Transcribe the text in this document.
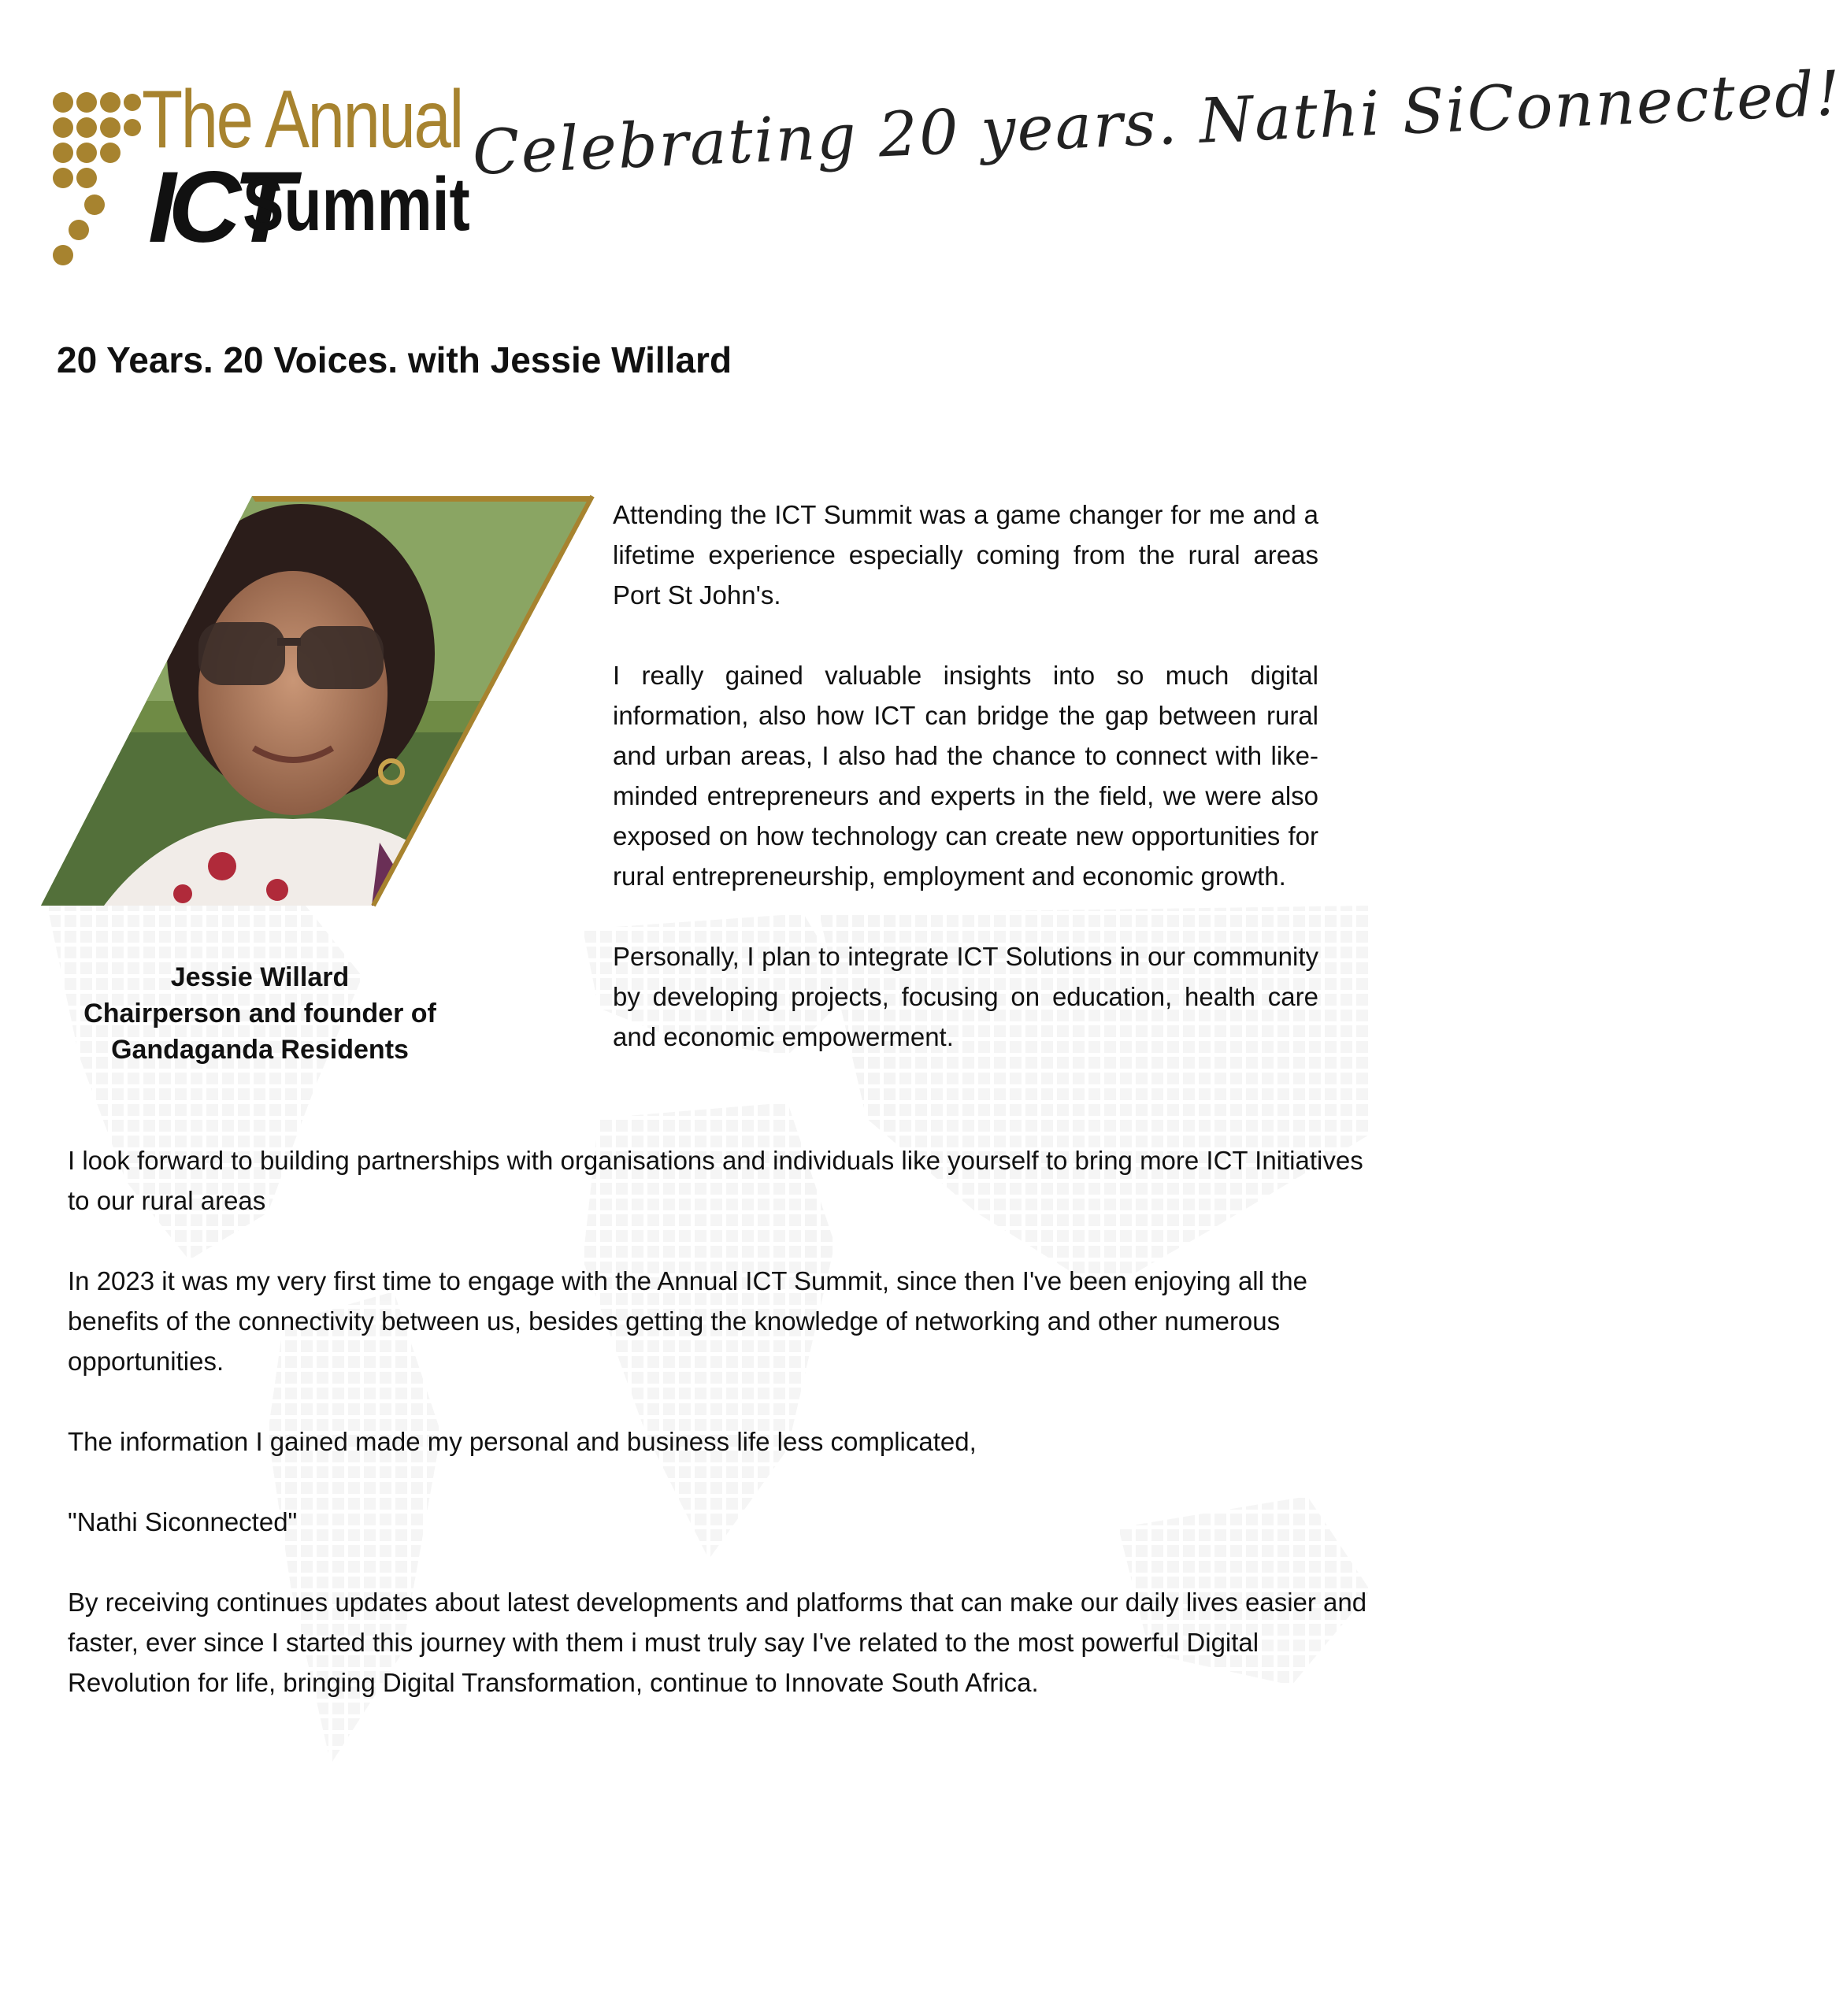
The Annual
ICT
Summit
Celebrating 20 years. Nathi SiConnected!
20 Years. 20 Voices. with Jessie Willard
Jessie Willard
Chairperson and founder of
Gandaganda Residents

Attending the ICT Summit was a game changer for me and a lifetime experience especially coming from the rural areas Port St John's.

I really gained valuable insights into so much digital information, also how ICT can bridge the gap between rural and urban areas, I also had the chance to connect with like-minded entrepreneurs and experts in the field, we were also exposed on how technology can create new opportunities for rural entrepreneurship, employment and economic growth.

Personally, I plan to integrate ICT Solutions in our community by developing projects, focusing on education, health care and economic empowerment.

I look forward to building partnerships with organisations and individuals like yourself to bring more ICT Initiatives to our rural areas

In 2023 it was my very first time to engage with the Annual ICT Summit, since then I've been enjoying all the benefits of the connectivity between us, besides getting the knowledge of networking and other numerous opportunities.

The information I gained made my personal and business life less complicated,

"Nathi Siconnected"

By receiving continues updates about latest developments and platforms that can make our daily lives easier and faster, ever since I started this journey with them i must truly say I've related to the most powerful Digital Revolution for life, bringing Digital Transformation, continue to Innovate South Africa.
